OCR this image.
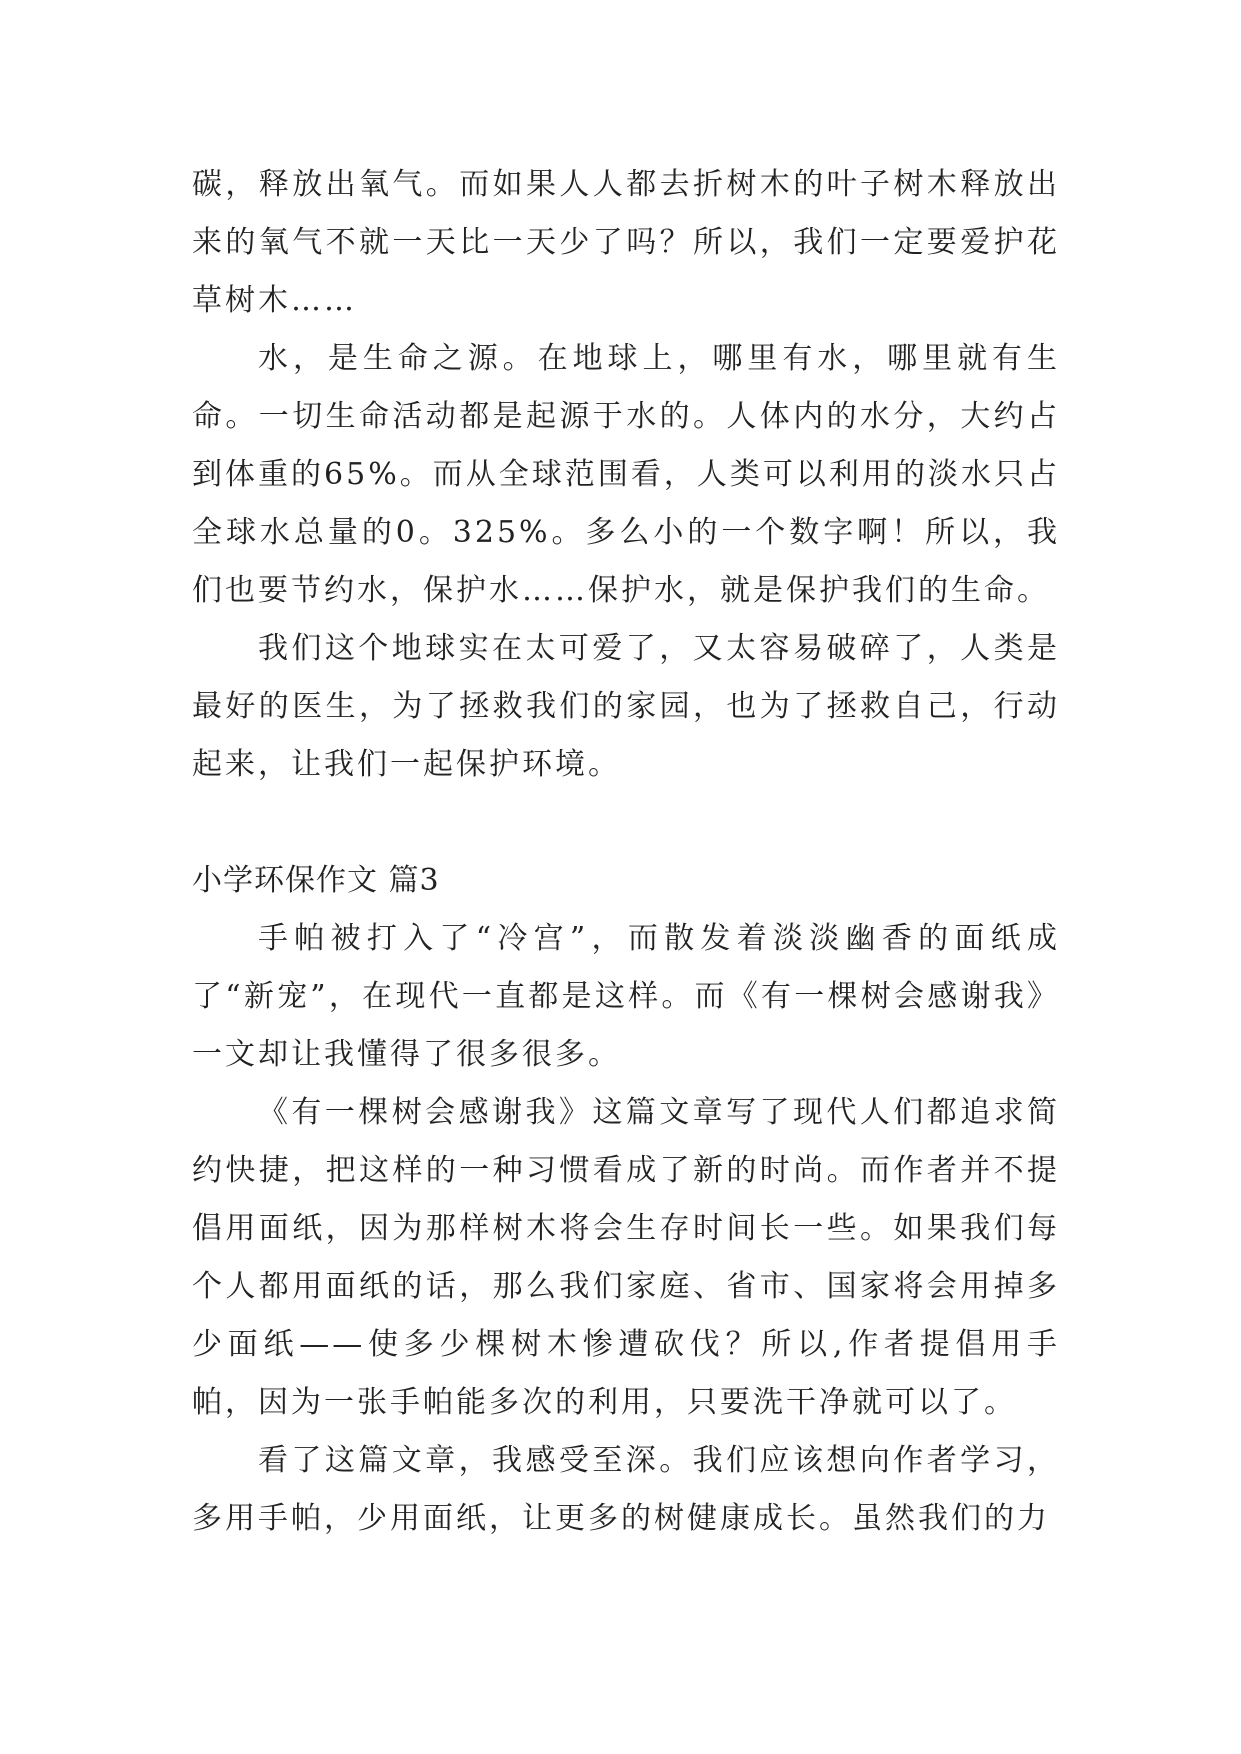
碳，释放出氧气。而如果人人都去折树木的叶子树木释放出来的氧气不就一天比一天少了吗？所以，我们一定要爱护花草树木……

水，是生命之源。在地球上，哪里有水，哪里就有生命。一切生命活动都是起源于水的。人体内的水分，大约占到体重的65%。而从全球范围看，人类可以利用的淡水只占全球水总量的0。325%。多么小的一个数字啊！所以，我们也要节约水，保护水……保护水，就是保护我们的生命。

我们这个地球实在太可爱了，又太容易破碎了，人类是最好的医生，为了拯救我们的家园，也为了拯救自己，行动起来，让我们一起保护环境。

小学环保作文 篇3

手帕被打入了“冷宫”，而散发着淡淡幽香的面纸成了“新宠”，在现代一直都是这样。而《有一棵树会感谢我》一文却让我懂得了很多很多。

《有一棵树会感谢我》这篇文章写了现代人们都追求简约快捷，把这样的一种习惯看成了新的时尚。而作者并不提倡用面纸，因为那样树木将会生存时间长一些。如果我们每个人都用面纸的话，那么我们家庭、省市、国家将会用掉多少面纸——使多少棵树木惨遭砍伐？所以,作者提倡用手帕，因为一张手帕能多次的利用，只要洗干净就可以了。

看了这篇文章，我感受至深。我们应该想向作者学习，多用手帕，少用面纸，让更多的树健康成长。虽然我们的力
